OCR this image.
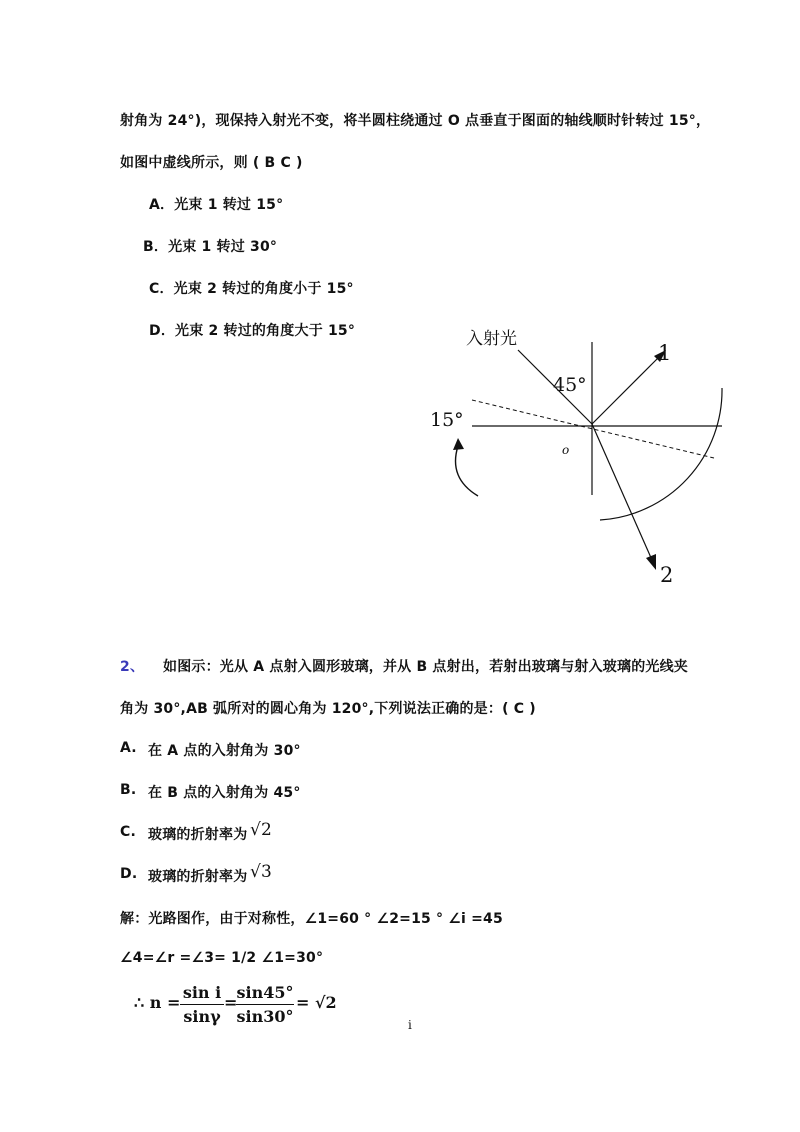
射角为 24°)，现保持入射光不变，将半圆柱绕通过 O 点垂直于图面的轴线顺时针转过 15°，
如图中虚线所示，则 ( B C )
A．光束 1 转过 15°
B．光束 1 转过 30°
C．光束 2 转过的角度小于 15°
D．光束 2 转过的角度大于 15°	入射光
45°
15°
o
1
2
2、 如图示：光从 A 点射入圆形玻璃，并从 B 点射出，若射出玻璃与射入玻璃的光线夹
角为 30°,AB 弧所对的圆心角为 120°,下列说法正确的是：( C )
A. 在 A 点的入射角为 30°
B. 在 B 点的入射角为 45°
C. 玻璃的折射率为 √2
D. 玻璃的折射率为 √3
解：光路图作，由于对称性，∠1=60 ° ∠2=15 ° ∠i =45
∠4=∠r =∠3= 1/2 ∠1=30°
∴ n =
sin i
sinγ
=
sin45°
sin30°
= √2
i
